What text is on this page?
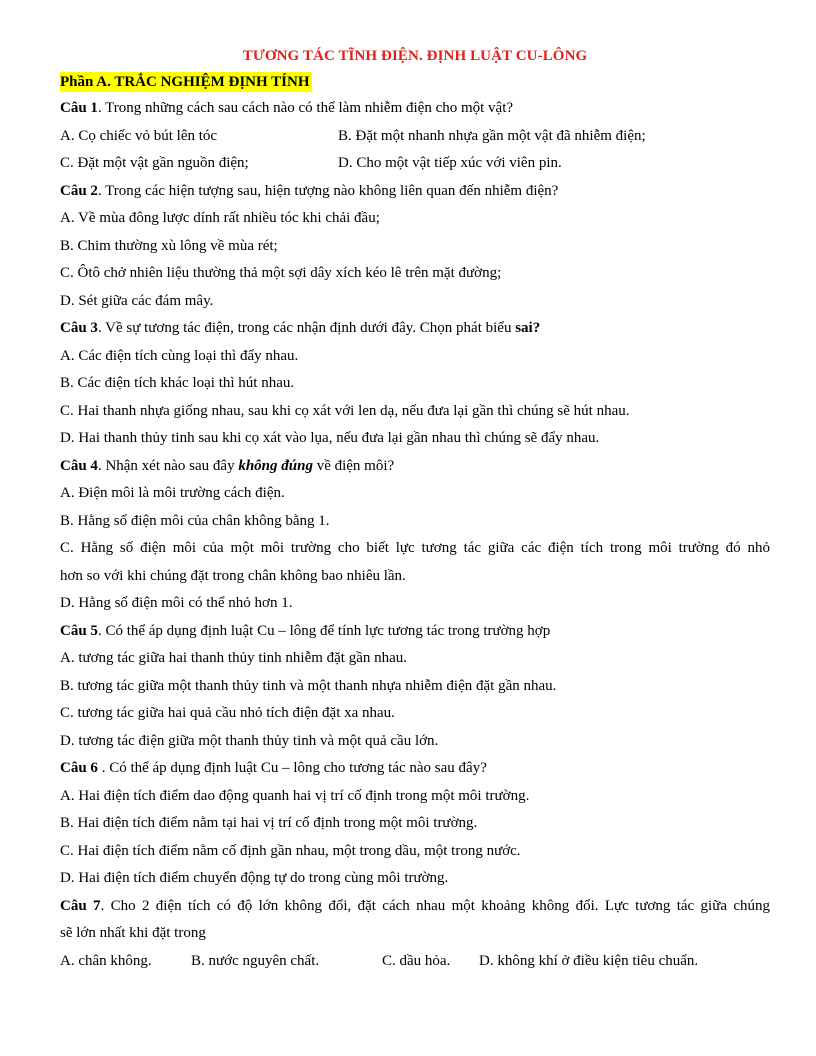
TƯƠNG TÁC TĨNH ĐIỆN. ĐỊNH LUẬT CU-LÔNG
Phần A. TRẮC NGHIỆM ĐỊNH TÍNH
Câu 1. Trong những cách sau cách nào có thể làm nhiễm điện cho một vật?
A. Cọ chiếc vỏ bút lên tóc	B. Đặt một nhanh nhựa gần một vật đã nhiễm điện;
C. Đặt một vật gần nguồn điện;	D. Cho một vật tiếp xúc với viên pin.
Câu 2. Trong các hiện tượng sau, hiện tượng nào không liên quan đến nhiễm điện?
A. Về mùa đông lược dính rất nhiều tóc khi chải đầu;
B. Chim thường xù lông về mùa rét;
C. Ôtô chở nhiên liệu thường thả một sợi dây xích kéo lê trên mặt đường;
D. Sét giữa các đám mây.
Câu 3. Về sự tương tác điện, trong các nhận định dưới đây. Chọn phát biểu sai?
A. Các điện tích cùng loại thì đẩy nhau.
B. Các điện tích khác loại thì hút nhau.
C. Hai thanh nhựa giống nhau, sau khi cọ xát với len dạ, nếu đưa lại gần thì chúng sẽ hút nhau.
D. Hai thanh thủy tinh sau khi cọ xát vào lụa, nếu đưa lại gần nhau thì chúng sẽ đẩy nhau.
Câu 4. Nhận xét nào sau đây không đúng về điện môi?
A. Điện môi là môi trường cách điện.
B. Hằng số điện môi của chân không bằng 1.
C. Hằng số điện môi của một môi trường cho biết lực tương tác giữa các điện tích trong môi trường đó nhỏ
hơn so với khi chúng đặt trong chân không bao nhiêu lần.
D. Hằng số điện môi có thể nhỏ hơn 1.
Câu 5. Có thể áp dụng định luật Cu – lông để tính lực tương tác trong trường hợp
A. tương tác giữa hai thanh thủy tinh nhiễm đặt gần nhau.
B. tương tác giữa một thanh thủy tinh và một thanh nhựa nhiễm điện đặt gần nhau.
C. tương tác giữa hai quả cầu nhỏ tích điện đặt xa nhau.
D. tương tác điện giữa một thanh thủy tinh và một quả cầu lớn.
Câu 6 . Có thể áp dụng định luật Cu – lông cho tương tác nào sau đây?
A. Hai điện tích điểm dao động quanh hai vị trí cố định trong một môi trường.
B. Hai điện tích điểm nằm tại hai vị trí cố định trong một môi trường.
C. Hai điện tích điểm nằm cố định gần nhau, một trong dầu, một trong nước.
D. Hai điện tích điểm chuyển động tự do trong cùng môi trường.
Câu 7. Cho 2 điện tích có độ lớn không đổi, đặt cách nhau một khoảng không đổi. Lực tương tác giữa chúng
sẽ lớn nhất khi đặt trong
A. chân không.	B. nước nguyên chất.	C. dầu hỏa.	D. không khí ở điều kiện tiêu chuẩn.
